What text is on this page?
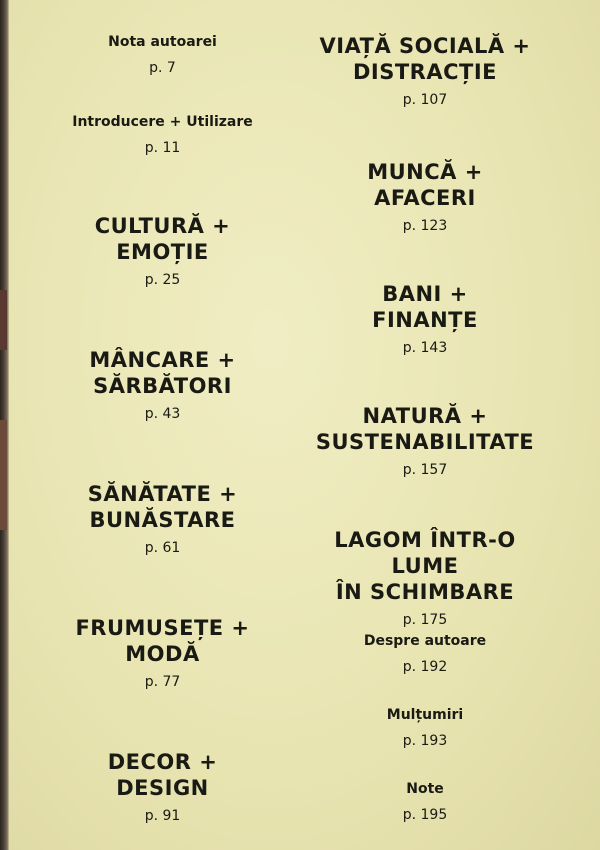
Nota autoarei
p. 7
Introducere + Utilizare
p. 11
CULTURĂ +
EMOȚIE
p. 25
MÂNCARE +
SĂRBĂTORI
p. 43
SĂNĂTATE +
BUNĂSTARE
p. 61
FRUMUSEȚE +
MODĂ
p. 77
DECOR +
DESIGN
p. 91
VIAȚĂ SOCIALĂ +
DISTRACȚIE
p. 107
MUNCĂ +
AFACERI
p. 123
BANI +
FINANȚE
p. 143
NATURĂ +
SUSTENABILITATE
p. 157
LAGOM ÎNTR-O LUME
ÎN SCHIMBARE
p. 175
Despre autoare
p. 192
Mulțumiri
p. 193
Note
p. 195
